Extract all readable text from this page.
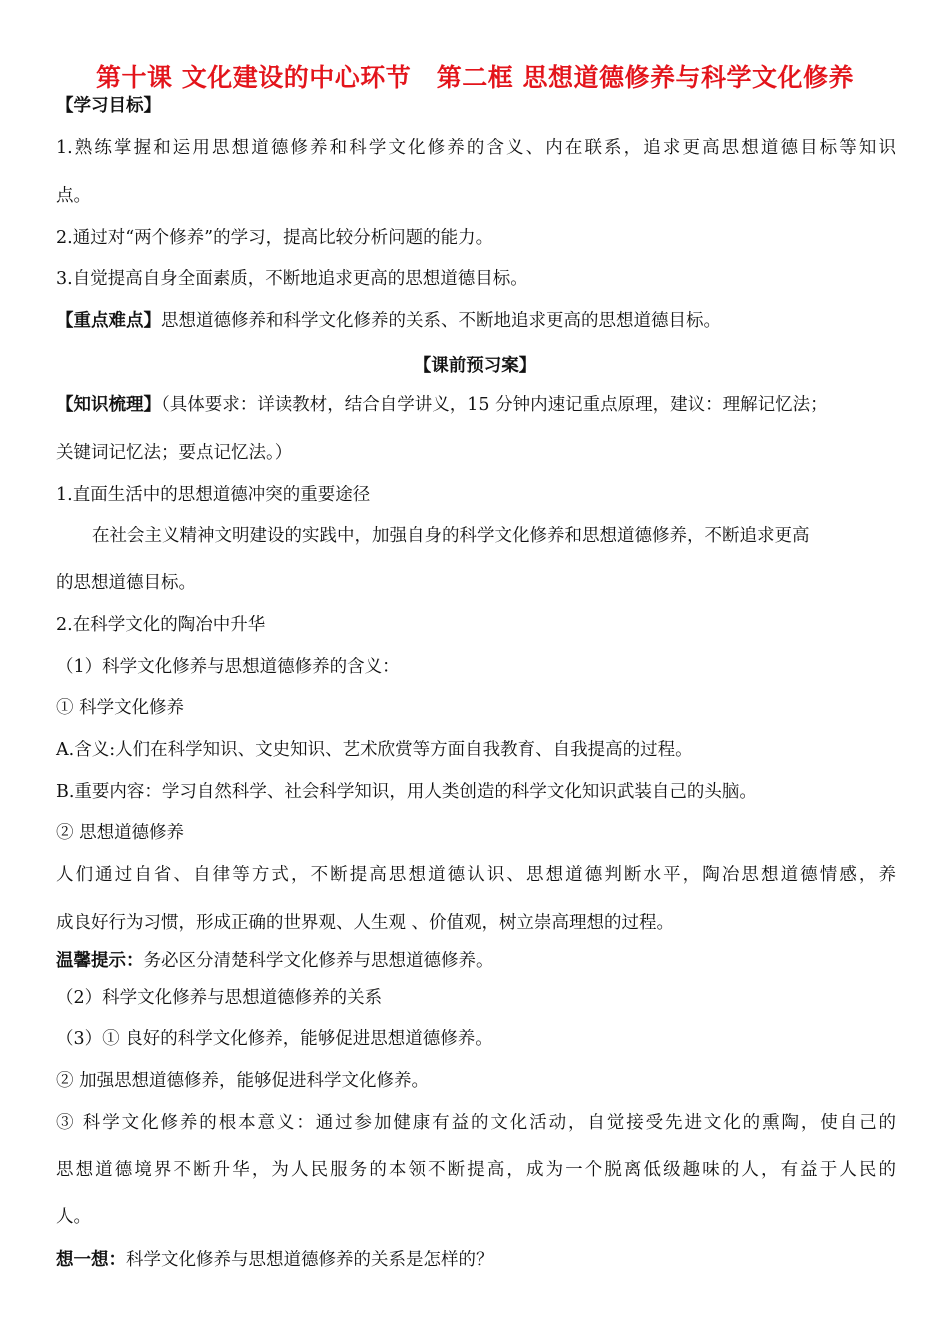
第十课 文化建设的中心环节　第二框 思想道德修养与科学文化修养
【学习目标】
1.熟练掌握和运用思想道德修养和科学文化修养的含义、内在联系，追求更高思想道德目标等知识
点。
2.通过对“两个修养”的学习，提高比较分析问题的能力。
3.自觉提高自身全面素质，不断地追求更高的思想道德目标。
【重点难点】思想道德修养和科学文化修养的关系、不断地追求更高的思想道德目标。
【课前预习案】
【知识梳理】（具体要求：详读教材，结合自学讲义，15 分钟内速记重点原理，建议：理解记忆法；
关键词记忆法；要点记忆法。）
1.直面生活中的思想道德冲突的重要途径
在社会主义精神文明建设的实践中，加强自身的科学文化修养和思想道德修养，不断追求更高
的思想道德目标。
2.在科学文化的陶冶中升华
（1）科学文化修养与思想道德修养的含义：
① 科学文化修养
A.含义:人们在科学知识、文史知识、艺术欣赏等方面自我教育、自我提高的过程。
B.重要内容：学习自然科学、社会科学知识，用人类创造的科学文化知识武装自己的头脑。
② 思想道德修养
人们通过自省、自律等方式，不断提高思想道德认识、思想道德判断水平，陶冶思想道德情感，养
成良好行为习惯，形成正确的世界观、人生观 、价值观，树立崇高理想的过程。
温馨提示：务必区分清楚科学文化修养与思想道德修养。
（2）科学文化修养与思想道德修养的关系
（3）① 良好的科学文化修养，能够促进思想道德修养。
② 加强思想道德修养，能够促进科学文化修养。
③ 科学文化修养的根本意义：通过参加健康有益的文化活动，自觉接受先进文化的熏陶，使自己的
思想道德境界不断升华，为人民服务的本领不断提高，成为一个脱离低级趣味的人，有益于人民的
人。
想一想：科学文化修养与思想道德修养的关系是怎样的？
